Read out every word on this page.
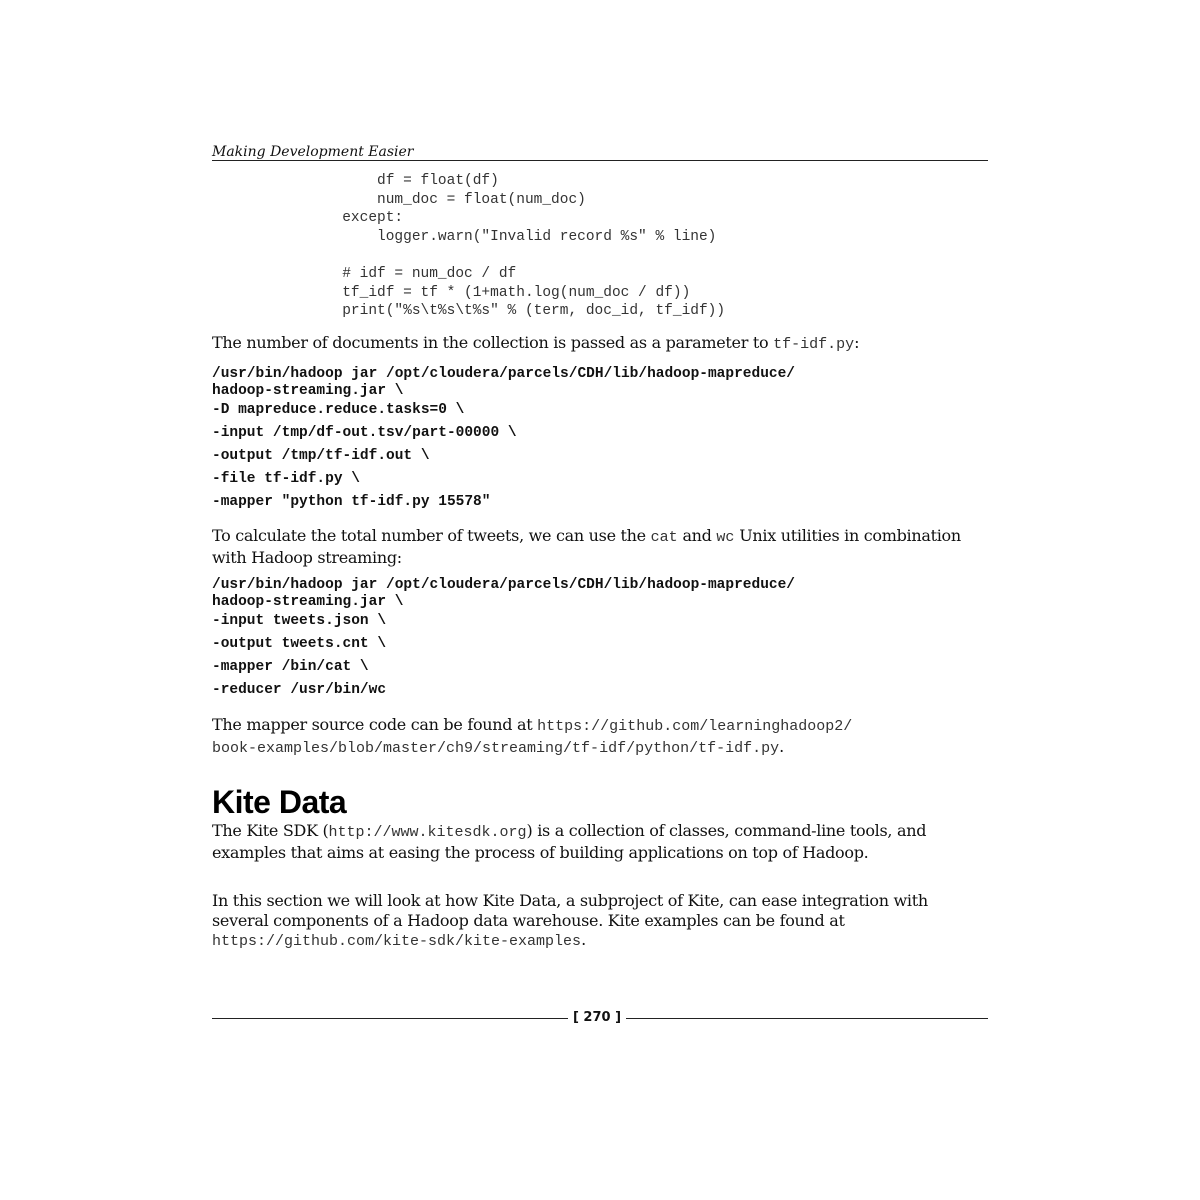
Making Development Easier
df = float(df)
num_doc = float(num_doc)
except:
logger.warn("Invalid record %s" % line)

# idf = num_doc / df
tf_idf = tf * (1+math.log(num_doc / df))
print("%s\t%s\t%s" % (term, doc_id, tf_idf))

The number of documents in the collection is passed as a parameter to tf-idf.py:

/usr/bin/hadoop jar /opt/cloudera/parcels/CDH/lib/hadoop-mapreduce/
hadoop-streaming.jar \
-D mapreduce.reduce.tasks=0 \
-input /tmp/df-out.tsv/part-00000 \
-output /tmp/tf-idf.out \
-file tf-idf.py \
-mapper "python tf-idf.py 15578"

To calculate the total number of tweets, we can use the cat and wc Unix utilities in combination with Hadoop streaming:

/usr/bin/hadoop jar /opt/cloudera/parcels/CDH/lib/hadoop-mapreduce/
hadoop-streaming.jar \
-input tweets.json \
-output tweets.cnt \
-mapper /bin/cat \
-reducer /usr/bin/wc

The mapper source code can be found at https://github.com/learninghadoop2/
book-examples/blob/master/ch9/streaming/tf-idf/python/tf-idf.py.

Kite Data

The Kite SDK (http://www.kitesdk.org) is a collection of classes, command-line tools, and examples that aims at easing the process of building applications on top of Hadoop.

In this section we will look at how Kite Data, a subproject of Kite, can ease integration with several components of a Hadoop data warehouse. Kite examples can be found at https://github.com/kite-sdk/kite-examples.

[ 270 ]
